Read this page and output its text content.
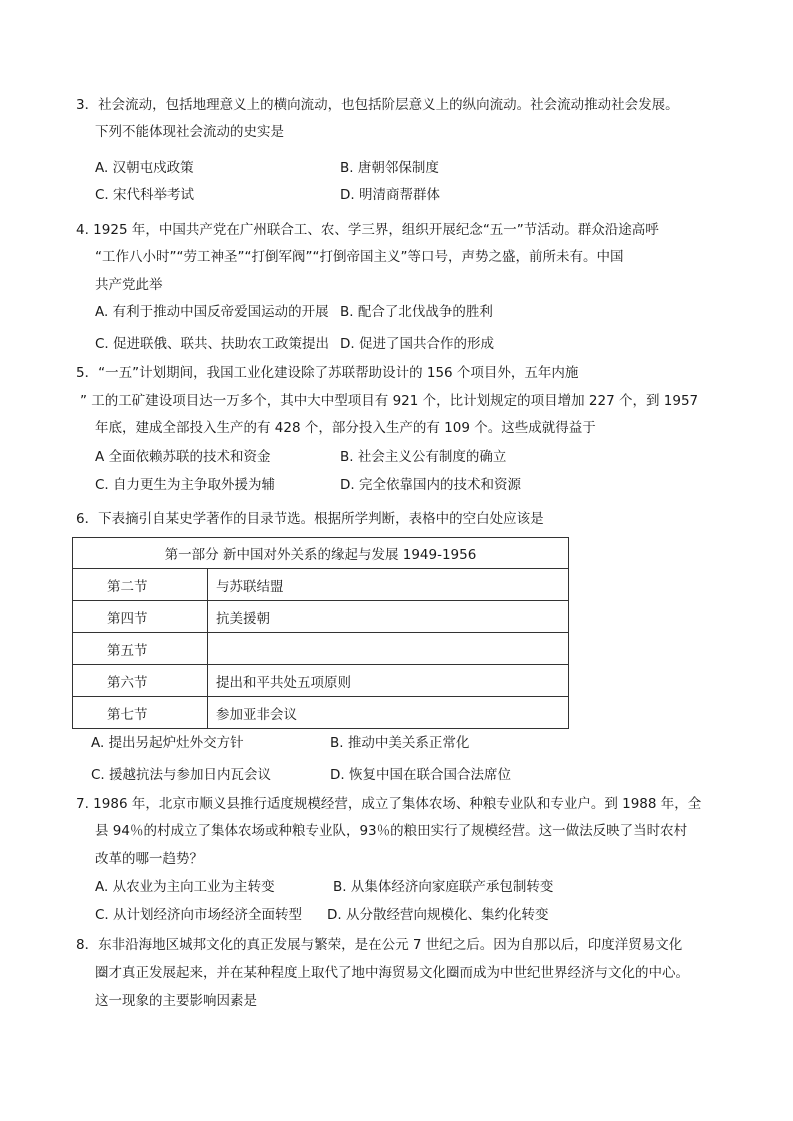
3．社会流动，包括地理意义上的横向流动，也包括阶层意义上的纵向流动。社会流动推动社会发展。
下列不能体现社会流动的史实是
A. 汉朝屯戍政策	B. 唐朝邻保制度
C. 宋代科举考试	D. 明清商帮群体
4. 1925 年，中国共产党在广州联合工、农、学三界，组织开展纪念“五一”节活动。群众沿途高呼
“工作八小时”“劳工神圣”“打倒军阀”“打倒帝国主义”等口号，声势之盛，前所未有。中国
共产党此举
A. 有利于推动中国反帝爱国运动的开展 B. 配合了北伐战争的胜利
C. 促进联俄、联共、扶助农工政策提出 D. 促进了国共合作的形成
5．“一五”计划期间，我国工业化建设除了苏联帮助设计的 156 个项目外，五年内施
” 工的工矿建设项目达一万多个，其中大中型项目有 921 个，比计划规定的项目增加 227 个，到 1957
年底，建成全部投入生产的有 428 个，部分投入生产的有 109 个。这些成就得益于
A 全面依赖苏联的技术和资金	B. 社会主义公有制度的确立
C. 自力更生为主争取外援为辅	D. 完全依靠国内的技术和资源
6．下表摘引自某史学著作的目录节选。根据所学判断，表格中的空白处应该是
第一部分 新中国对外关系的缘起与发展 1949-1956	
第二节	与苏联结盟
第四节	抗美援朝
第五节	
第六节	提出和平共处五项原则
第七节	参加亚非会议
A. 提出另起炉灶外交方针	B. 推动中美关系正常化
C. 援越抗法与参加日内瓦会议	D. 恢复中国在联合国合法席位
7. 1986 年，北京市顺义县推行适度规模经营，成立了集体农场、种粮专业队和专业户。到 1988 年，全
县 94％的村成立了集体农场或种粮专业队，93％的粮田实行了规模经营。这一做法反映了当时农村
改革的哪一趋势？
A. 从农业为主向工业为主转变	B. 从集体经济向家庭联产承包制转变
C. 从计划经济向市场经济全面转型 D. 从分散经营向规模化、集约化转变
8．东非沿海地区城邦文化的真正发展与繁荣，是在公元 7 世纪之后。因为自那以后，印度洋贸易文化
圈才真正发展起来，并在某种程度上取代了地中海贸易文化圈而成为中世纪世界经济与文化的中心。
这一现象的主要影响因素是
